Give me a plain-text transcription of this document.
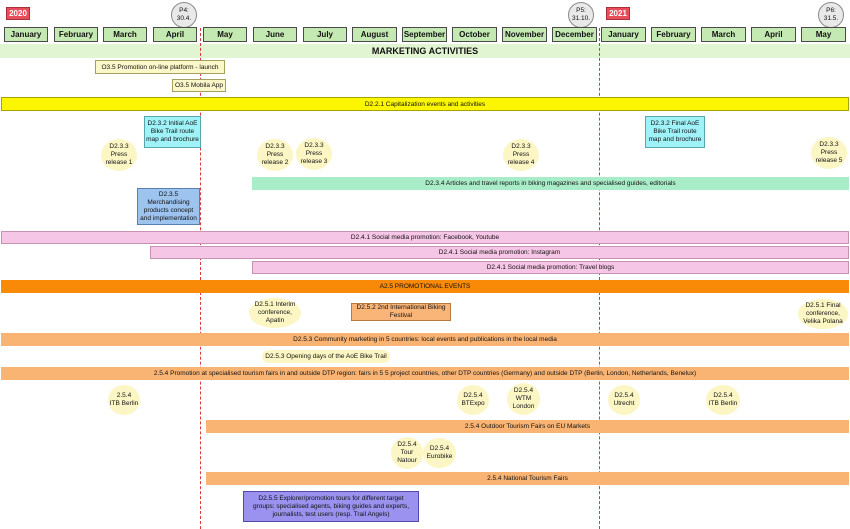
2020	2021
P4:
30.4.
P5:
31.10.
P6:
31.5.
January	February	March	April	May	June	July	August	September	October	November	December	January	February	March	April	May
MARKETING ACTIVITIES
O3.5 Promotion on-line platform - launch
O3.5 Mobila App
D2.2.1 Capitalization events and activities
D2.3.2 Initial AoE
Bike Trail route
map and brochure
D2.3.2 Final AoE
Bike Trail route
map and brochure
D2.3.3
Press
release 1
D2.3.3
Press
release 2
D2.3.3
Press
release 3
D2.3.3
Press
release 4
D2.3.3
Press
release 5
D2.3.4 Articles and travel reports in biking magazines and specialised guides, editorials
D2.3.5
Merchandising
products concept
and implementation
D2.4.1 Social media promotion: Facebook, Youtube
D2.4.1 Social media promotion: Instagram
D2.4.1 Social media promotion: Travel blogs
A2.5 PROMOTIONAL EVENTS
D2.5.1 Interim
conference,
Apatin
D2.5.2 2nd International Biking
Festival
D2.5.1 Final
conference,
Velika Polana
D2.5.3 Community marketing in 5 countries: local events and publications in the local media
D2.5.3 Opening days of the AoE Bike Trail
2.5.4 Promotion at specialised tourism fairs in and outside DTP region: fairs in 5 5 project countries, other DTP countries (Germany) and outside DTP (Berlin, London, Netherlands, Benelux)
2.5.4
ITB Berlin
D2.5.4
BTExpo
D2.5.4
WTM
London
D2.5.4
Utrecht
D2.5.4
ITB Berlin
2.5.4 Outdoor Tourism Fairs on EU Markets
D2.5.4
Tour
Natour
D2.5.4
Eurobike
2.5.4 National Tourism Fairs
D2.5.5 Explorer/promotion tours for different target
groups: specialised agents, biking guides and experts,
journalists, test users (resp. Trail Angels)
